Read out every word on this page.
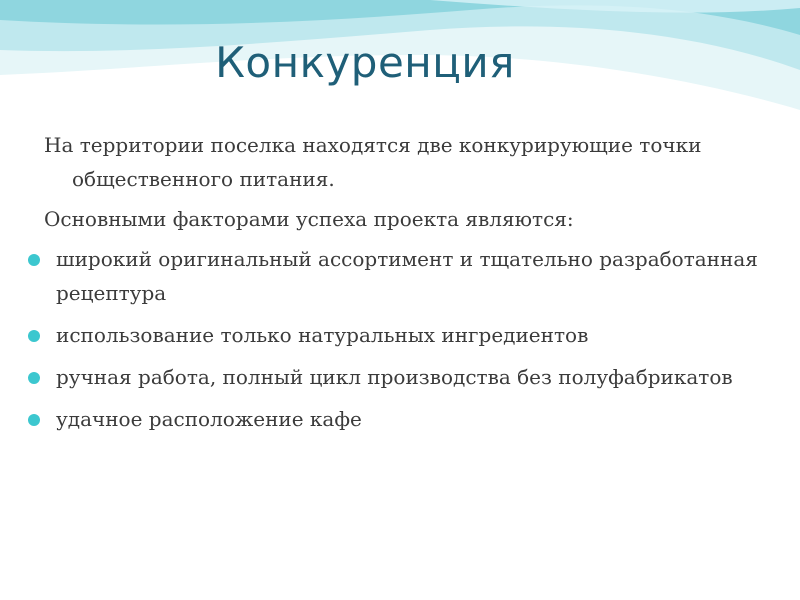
Конкуренция

На территории поселка находятся две конкурирующие точки общественного питания.

Основными факторами успеха проекта являются:

широкий оригинальный ассортимент и тщательно разработанная рецептура
использование только натуральных ингредиентов
ручная работа, полный цикл производства без полуфабрикатов
удачное расположение кафе
